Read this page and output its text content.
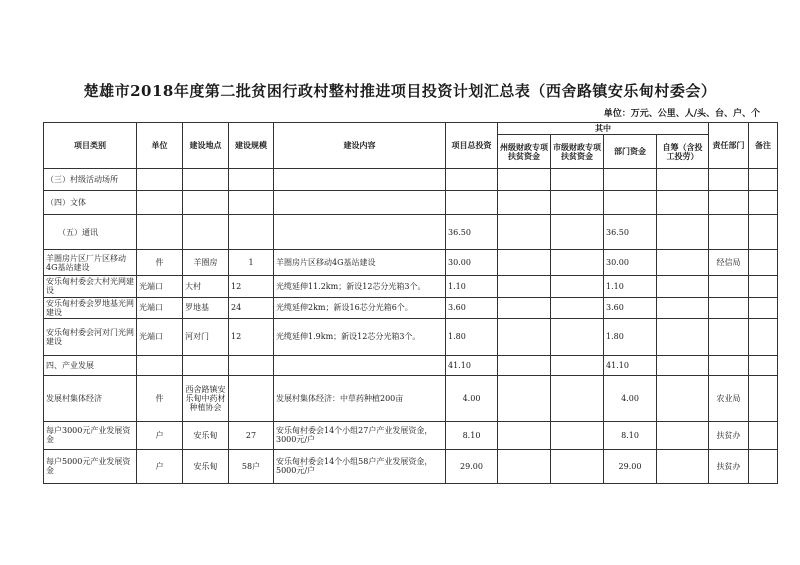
楚雄市2018年度第二批贫困行政村整村推进项目投资计划汇总表（西舍路镇安乐甸村委会）
单位：万元、公里、人/头、台、户、个
项目类别	单位	建设地点	建设规模	建设内容	项目总投资	其中				责任部门	备注
						州级财政专项扶贫资金	市级财政专项扶贫资金	部门资金	自筹（含投工投劳）		
（三）村级活动场所											
（四）文体											
（五）通讯					36.50			36.50			
羊圈房片区厂片区移动4G基站建设	件	羊圈房	1	羊圈房片区移动4G基站建设	30.00			30.00		经信局	
安乐甸村委会大村光网建设	光端口	大村	12	光缆延伸11.2km；新设12芯分光箱3个。	1.10			1.10			
安乐甸村委会罗地基光网建设	光端口	罗地基	24	光缆延伸2km；新设16芯分光箱6个。	3.60			3.60			
安乐甸村委会河对门光网建设	光端口	河对门	12	光缆延伸1.9km；新设12芯分光箱3个。	1.80			1.80			
四、产业发展					41.10			41.10			
发展村集体经济	件	西舍路镇安乐甸中药材种植协会		发展村集体经济：中草药种植200亩	4.00			4.00		农业局	
每户3000元产业发展资金	户	安乐甸	27	安乐甸村委会14个小组27户产业发展资金，3000元/户	8.10			8.10		扶贫办	
每户5000元产业发展资金	户	安乐甸	58户	安乐甸村委会14个小组58户产业发展资金，5000元/户	29.00			29.00		扶贫办	
